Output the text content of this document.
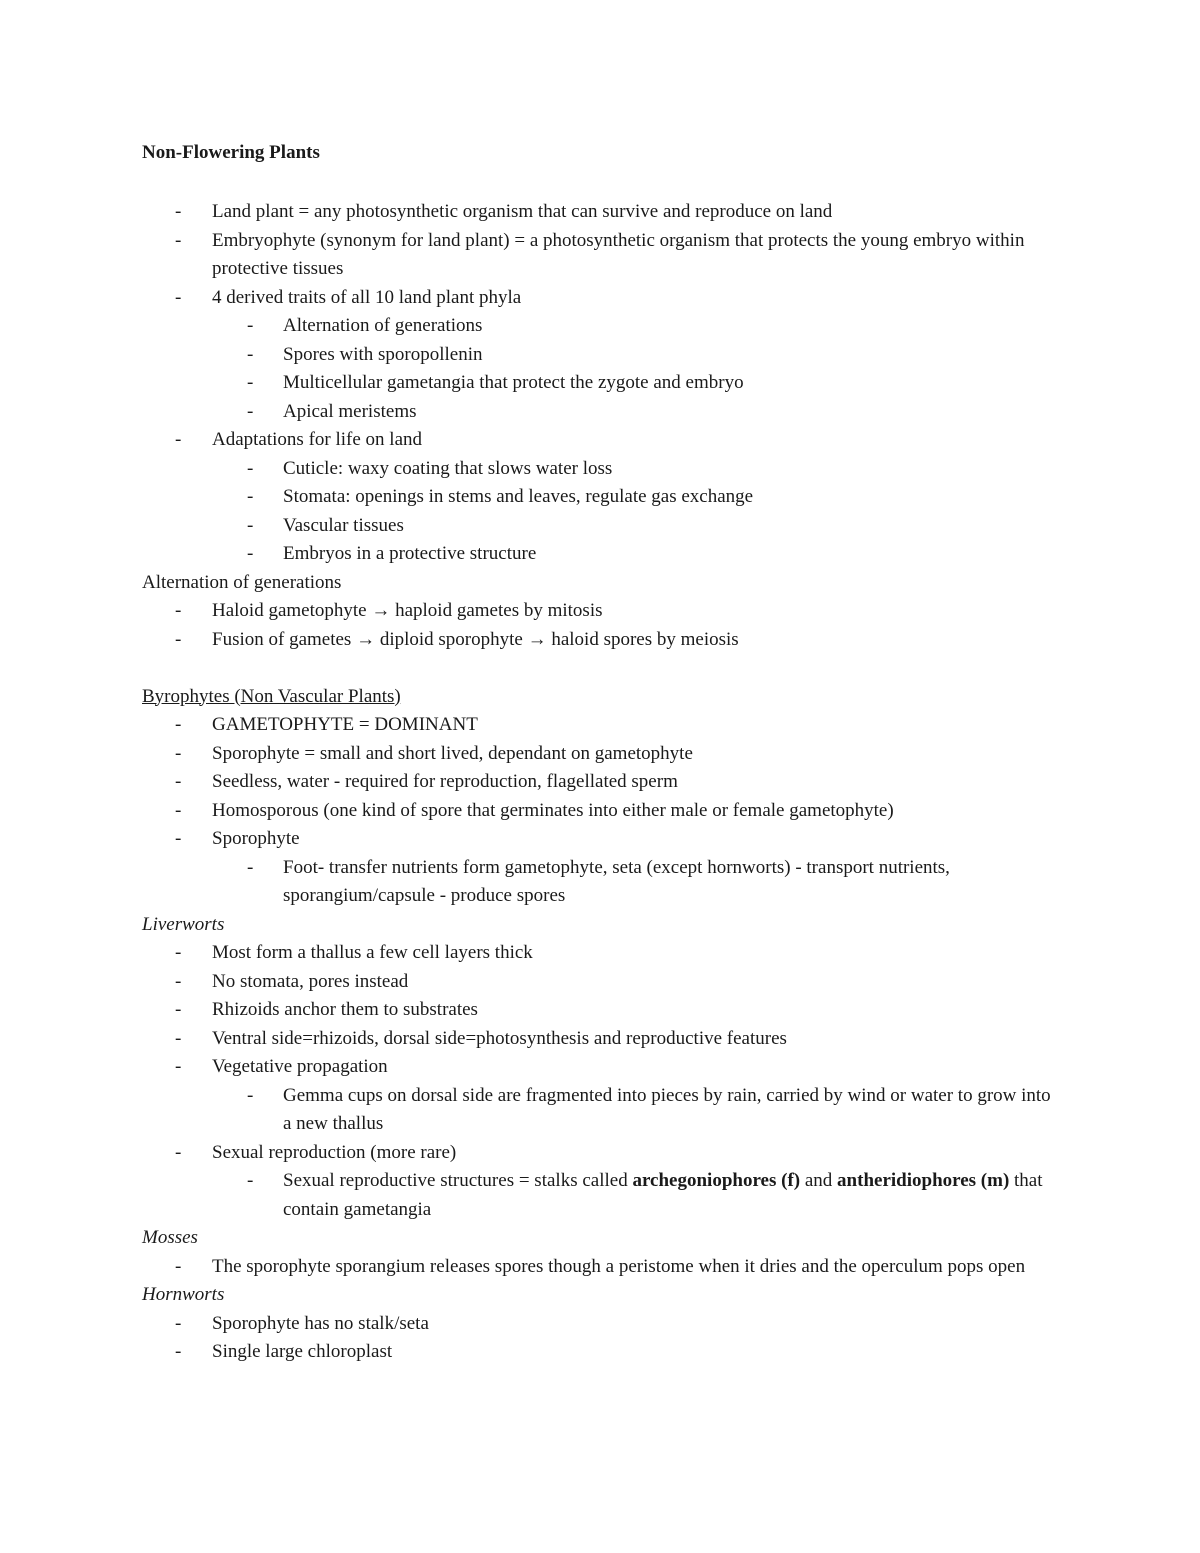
Non-Flowering Plants

- Land plant = any photosynthetic organism that can survive and reproduce on land
- Embryophyte (synonym for land plant) = a photosynthetic organism that protects the young embryo within protective tissues
- 4 derived traits of all 10 land plant phyla
- Alternation of generations
- Spores with sporopollenin
- Multicellular gametangia that protect the zygote and embryo
- Apical meristems
- Adaptations for life on land
- Cuticle: waxy coating that slows water loss
- Stomata: openings in stems and leaves, regulate gas exchange
- Vascular tissues
- Embryos in a protective structure

Alternation of generations

- Haloid gametophyte → haploid gametes by mitosis
- Fusion of gametes → diploid sporophyte → haloid spores by meiosis

Byrophytes (Non Vascular Plants)

- GAMETOPHYTE = DOMINANT
- Sporophyte = small and short lived, dependant on gametophyte
- Seedless, water - required for reproduction, flagellated sperm
- Homosporous (one kind of spore that germinates into either male or female gametophyte)
- Sporophyte
- Foot- transfer nutrients form gametophyte, seta (except hornworts) - transport nutrients, sporangium/capsule - produce spores

Liverworts

- Most form a thallus a few cell layers thick
- No stomata, pores instead
- Rhizoids anchor them to substrates
- Ventral side=rhizoids, dorsal side=photosynthesis and reproductive features
- Vegetative propagation
- Gemma cups on dorsal side are fragmented into pieces by rain, carried by wind or water to grow into a new thallus
- Sexual reproduction (more rare)
- Sexual reproductive structures = stalks called archegoniophores (f) and antheridiophores (m) that contain gametangia

Mosses

- The sporophyte sporangium releases spores though a peristome when it dries and the operculum pops open

Hornworts

- Sporophyte has no stalk/seta
- Single large chloroplast
